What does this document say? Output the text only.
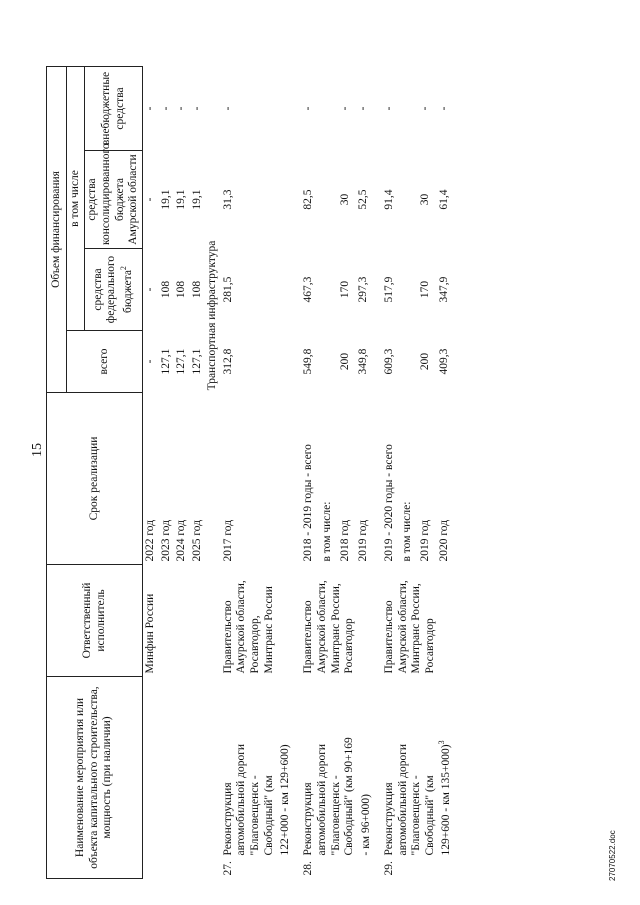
15
Наименование мероприятия или объекта капитального строительства, мощность (при наличии)	Ответственный исполнитель	Срок реализации	Объем финансирования			
			всего	в том числе		
				средства федерального бюджета$^2$	средства консолидированного бюджета Амурской области	внебюджетные средства
	Минфин России	2022 год	-	-	-	-
		2023 год	127,1	108	19,1	-
		2024 год	127,1	108	19,1	-
		2025 год	127,1	108	19,1	-
		Транспортная инфраструктура				
27.Реконструкция автомобильной дороги "Благовещенск - Свободный" (км 122+000 - км 129+600)	Правительство Амурской области, Росавтодор, Минтранс России	2017 год	312,8	281,5	31,3	-

28.Реконструкция автомобильной дороги "Благовещенск - Свободный" (км 90+169 - км 96+000)	Правительство Амурской области, Минтранс России, Росавтодор	2018 - 2019 годы - всего	549,8	467,3	82,5	-
		в том числе:				
		2018 год	200	170	30	-
		2019 год	349,8	297,3	52,5	-

29.Реконструкция автомобильной дороги "Благовещенск - Свободный" (км 129+600 - км 135+000)$^3$	Правительство Амурской области, Минтранс России, Росавтодор	2019 - 2020 годы - всего	609,3	517,9	91,4	-
		в том числе:				
		2019 год	200	170	30	-
		2020 год	409,3	347,9	61,4	-

27070522.doc
